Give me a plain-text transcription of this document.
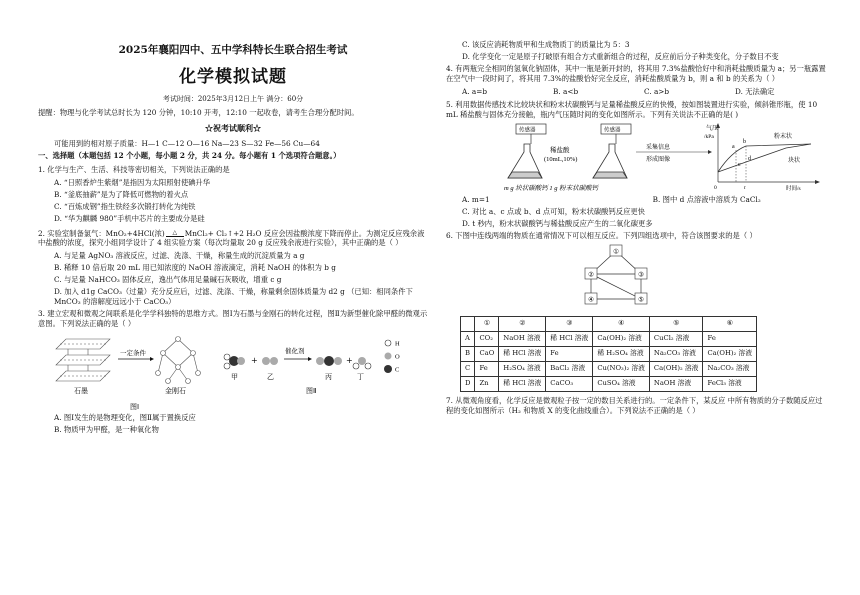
2025年襄阳四中、五中学科特长生联合招生考试
化学模拟试题
考试时间：2025年3月12日上午 满分：60分
提醒：物理与化学考试总时长为 120 分钟，10:10 开考，12:10 一起收卷，请考生合理分配时间。
☆祝考试顺利☆
可能用到的相对原子质量：H—1 C—12 O—16 Na—23 S—32 Fe—56 Cu—64
一、选择题（本题包括 12 个小题，每小题 2 分，共 24 分。每小题有 1 个选项符合题意。）
1. 化学与生产、生活、科技等密切相关，下列说法正确的是
A. “日照香炉生紫烟”是指因为太阳照射使碘升华
B. “釜底抽薪”是为了降低可燃物的着火点
C. “百炼成钢”指生铁经多次锻打转化为纯铁
D. “华为麒麟 980”手机中芯片的主要成分是硅
2. 实验室制备氯气：MnO₂+4HCl(浓)	△	MnCl₂+ Cl₂↑+2 H₂O 反应会因盐酸浓度下降而停止。为测定反应残余液中盐酸的浓度，探究小组同学设计了 4 组实验方案（每次均量取 20 g 反应残余液进行实验），其中正确的是（ ）
A. 与足量 AgNO₃ 溶液反应，过滤、洗涤、干燥，称量生成的沉淀质量为 a g
B. 稀释 10 倍后取 20 mL 用已知浓度的 NaOH 溶液滴定，消耗 NaOH 的体积为 b g
C. 与足量 NaHCO₃ 固体反应，逸出气体用足量碱石灰吸收，增重 c g
D. 加入 d1g CaCO₃（过量）充分反应后，过滤、洗涤、干燥，称量剩余固体质量为 d2 g （已知：相同条件下 MnCO₃ 的溶解度远远小于 CaCO₃）
3. 建立宏观和微观之间联系是化学学科独特的思维方式。图Ⅰ为石墨与金刚石的转化过程，图Ⅱ为新型催化除甲醛的微观示意图。下列说法正确的是（ ）
石墨
一定条件
金刚石
图Ⅰ
甲
+
乙
催化剂
丙
+
丁
H
O
C
图Ⅱ
A. 图Ⅰ发生的是物理变化，图Ⅱ属于置换反应
B. 物质甲为甲醛，是一种氧化物
C. 该反应消耗物质甲和生成物质丁的质量比为 5：3
D. 化学变化一定是原子打破原有组合方式重新组合的过程，反应前后分子种类变化，分子数目不变
4. 有两瓶完全相同的氢氧化钠固体，其中一瓶是新开封的，将其用 7.3%盐酸恰好中和消耗盐酸质量为 a；另一瓶露置在空气中一段时间了，将其用 7.3%的盐酸恰好完全反应，消耗盐酸质量为 b，则 a 和 b 的关系为（ ）
A. a=b	B. a<b	C. a>b	D. 无法确定
5. 利用数据传感技术比较块状和粉末状碳酸钙与足量稀盐酸反应的快慢，按如图装置进行实验，倾斜锥形瓶，使 10 mL 稀盐酸与固体充分接触，瓶内气压随时间的变化如图所示。下列有关说法不正确的是( )
传感器	传感器
稀盐酸
(10mL,10%)
m g 块状碳酸钙 1 g 粉末状碳酸钙
采集信息
形成图像
气压
/kPa
时间/s
粉末状
块状
a
b
c
d
0	t
A. m=1	B. 图中 d 点溶液中溶质为 CaCl₂
C. 对比 a、c 点或 b、d 点可知，粉末状碳酸钙反应更快
D. t 秒内，粉末状碳酸钙与稀盐酸反应产生的二氧化碳更多
6. 下图中连线两端的物质在通常情况下可以相互反应。下列四组选项中，符合该图要求的是（ ）
①
②	③
④	⑤
	①	②	③	④	⑤	⑥
A	CO₂	NaOH 溶液	稀 HCl 溶液	Ca(OH)₂ 溶液	CuCl₂ 溶液	Fe
B	CaO	稀 HCl 溶液	Fe	稀 H₂SO₄ 溶液	Na₂CO₃ 溶液	Ca(OH)₂ 溶液
C	Fe	H₂SO₄ 溶液	BaCl₂ 溶液	Cu(NO₃)₂ 溶液	Ca(OH)₂ 溶液	Na₂CO₃ 溶液
D	Zn	稀 HCl 溶液	CaCO₃	CuSO₄ 溶液	NaOH 溶液	FeCl₃ 溶液
7. 从微观角度看，化学反应是微观粒子按一定的数目关系进行的。一定条件下，某反应 中所有物质的分子数随反应过程的变化如图所示（H₂ 和物质 X 的变化曲线重合）。下列说法不正确的是（ ）
